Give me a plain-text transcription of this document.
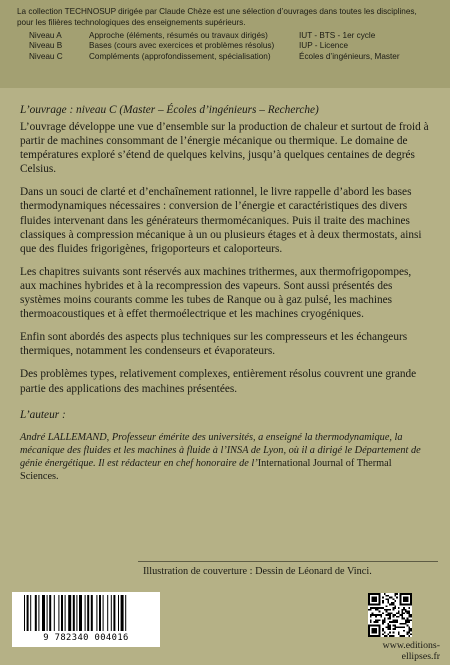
La collection TECHNOSUP dirigée par Claude Chèze est une sélection d’ouvrages dans toutes les disciplines,
pour les filières technologiques des enseignements supérieurs.
Niveau A	Approche (éléments, résumés ou travaux dirigés)	IUT - BTS - 1er cycle
Niveau B	Bases (cours avec exercices et problèmes résolus)	IUP - Licence
Niveau C	Compléments (approfondissement, spécialisation)	Écoles d’ingénieurs, Master
L’ouvrage : niveau C (Master – Écoles d’ingénieurs – Recherche)

L’ouvrage développe une vue d’ensemble sur la production de chaleur et surtout de froid à partir de machines consommant de l’énergie mécanique ou thermique. Le domaine de températures exploré s’étend de quelques kelvins, jusqu’à quelques centaines de degrés Celsius.

Dans un souci de clarté et d’enchaînement rationnel, le livre rappelle d’abord les bases thermodynamiques nécessaires : conversion de l’énergie et caractéristiques des divers fluides intervenant dans les générateurs thermomécaniques. Puis il traite des machines classiques à compression mécanique à un ou plusieurs étages et à deux thermostats, ainsi que des fluides frigorigènes, frigoporteurs et caloporteurs.

Les chapitres suivants sont réservés aux machines trithermes, aux thermofrigopompes, aux machines hybrides et à la recompression des vapeurs. Sont aussi présentés des systèmes moins courants comme les tubes de Ranque ou à gaz pulsé, les machines thermoacoustiques et à effet thermoélectrique et les machines cryogéniques.

Enfin sont abordés des aspects plus techniques sur les compresseurs et les échangeurs thermiques, notamment les condenseurs et évaporateurs.

Des problèmes types, relativement complexes, entièrement résolus couvrent une grande partie des applications des machines présentées.

L’auteur :

André LALLEMAND, Professeur émérite des universités, a enseigné la thermodynamique, la mécanique des fluides et les machines à fluide à l’INSA de Lyon, où il a dirigé le Département de génie énergétique. Il est rédacteur en chef honoraire de l’International Journal of Thermal Sciences.

Illustration de couverture : Dessin de Léonard de Vinci.
9 782340 004016
www.editions-ellipses.fr
